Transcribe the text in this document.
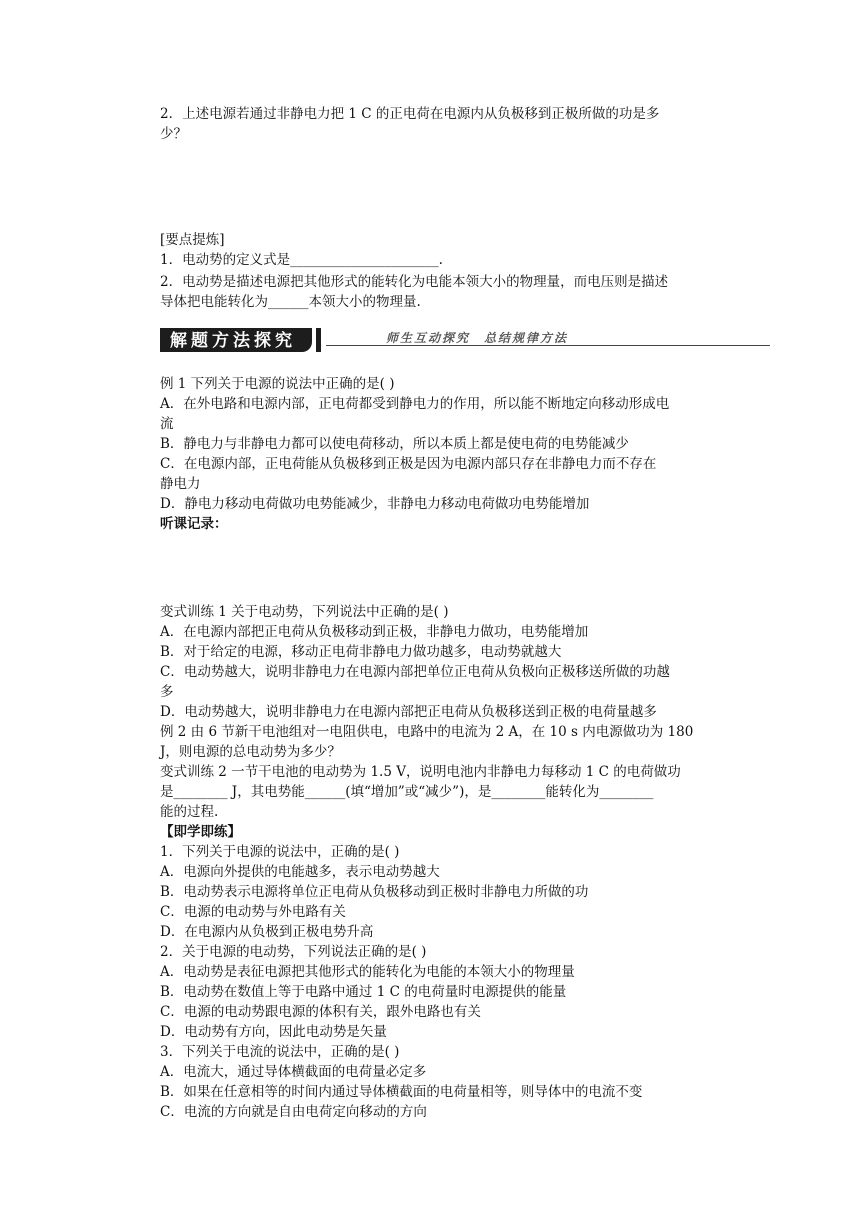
2．上述电源若通过非静电力把 1 C 的正电荷在电源内从负极移到正极所做的功是多
少？
[要点提炼]
1．电动势的定义式是______________________.
2．电动势是描述电源把其他形式的能转化为电能本领大小的物理量，而电压则是描述
导体把电能转化为______本领大小的物理量.
解题方法探究	师生互动探究　总结规律方法
例 1 下列关于电源的说法中正确的是( )
A．在外电路和电源内部，正电荷都受到静电力的作用，所以能不断地定向移动形成电
流
B．静电力与非静电力都可以使电荷移动，所以本质上都是使电荷的电势能减少
C．在电源内部，正电荷能从负极移到正极是因为电源内部只存在非静电力而不存在
静电力
D．静电力移动电荷做功电势能减少，非静电力移动电荷做功电势能增加
听课记录：
变式训练 1 关于电动势，下列说法中正确的是( )
A．在电源内部把正电荷从负极移动到正极，非静电力做功，电势能增加
B．对于给定的电源，移动正电荷非静电力做功越多，电动势就越大
C．电动势越大，说明非静电力在电源内部把单位正电荷从负极向正极移送所做的功越
多
D．电动势越大，说明非静电力在电源内部把正电荷从负极移送到正极的电荷量越多
例 2 由 6 节新干电池组对一电阻供电，电路中的电流为 2 A，在 10 s 内电源做功为 180
J，则电源的总电动势为多少？
变式训练 2 一节干电池的电动势为 1.5 V，说明电池内非静电力每移动 1 C 的电荷做功
是________ J，其电势能______(填“增加”或“减少”)，是________能转化为________
能的过程.
【即学即练】
1．下列关于电源的说法中，正确的是( )
A．电源向外提供的电能越多，表示电动势越大
B．电动势表示电源将单位正电荷从负极移动到正极时非静电力所做的功
C．电源的电动势与外电路有关
D．在电源内从负极到正极电势升高
2．关于电源的电动势，下列说法正确的是( )
A．电动势是表征电源把其他形式的能转化为电能的本领大小的物理量
B．电动势在数值上等于电路中通过 1 C 的电荷量时电源提供的能量
C．电源的电动势跟电源的体积有关，跟外电路也有关
D．电动势有方向，因此电动势是矢量
3．下列关于电流的说法中，正确的是( )
A．电流大，通过导体横截面的电荷量必定多
B．如果在任意相等的时间内通过导体横截面的电荷量相等，则导体中的电流不变
C．电流的方向就是自由电荷定向移动的方向
